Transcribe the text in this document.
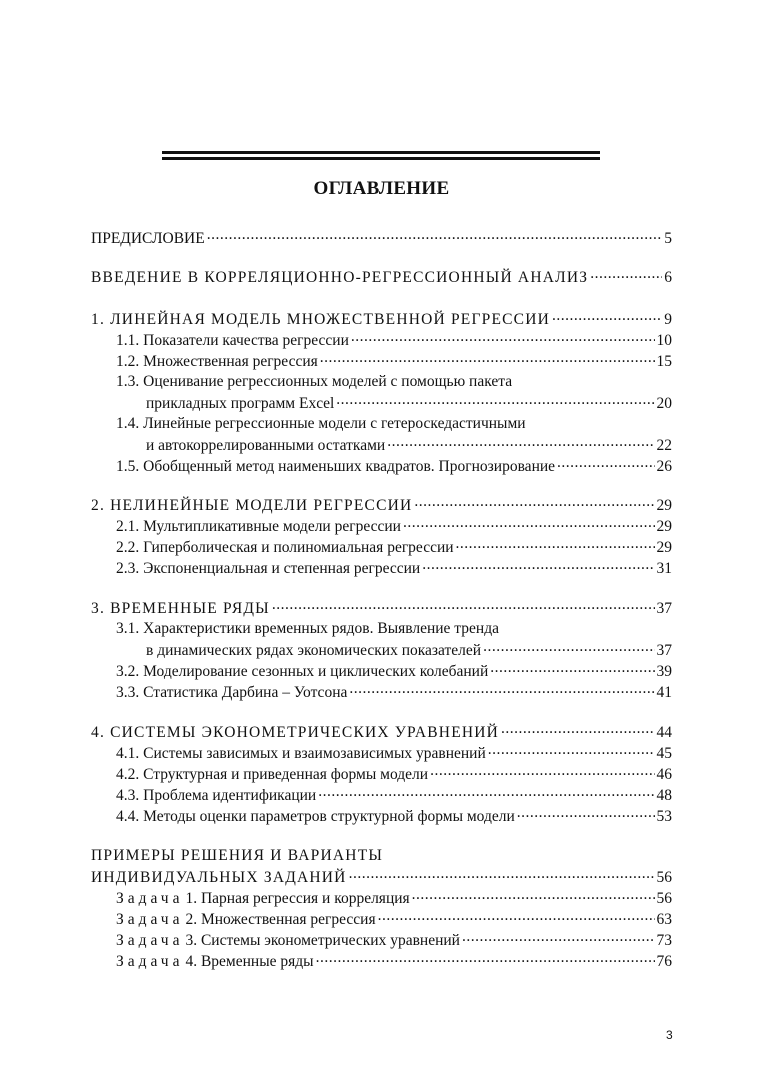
ОГЛАВЛЕНИЕ
ПРЕДИСЛОВИЕ .....	5
ВВЕДЕНИЕ В КОРРЕЛЯЦИОННО-РЕГРЕССИОННЫЙ АНАЛИЗ .....	6
1. ЛИНЕЙНАЯ МОДЕЛЬ МНОЖЕСТВЕННОЙ РЕГРЕССИИ .....	9
1.1. Показатели качества регрессии .....	10
1.2. Множественная регрессия .....	15
1.3. Оценивание регрессионных моделей с помощью пакета
прикладных программ Excel .....	20
1.4. Линейные регрессионные модели с гетероскедастичными
и автокоррелированными остатками .....	22
1.5. Обобщенный метод наименьших квадратов. Прогнозирование .....	26
2. НЕЛИНЕЙНЫЕ МОДЕЛИ РЕГРЕССИИ .....	29
2.1. Мультипликативные модели регрессии .....	29
2.2. Гиперболическая и полиномиальная регрессии .....	29
2.3. Экспоненциальная и степенная регрессии .....	31
3. ВРЕМЕННЫЕ РЯДЫ .....	37
3.1. Характеристики временных рядов. Выявление тренда
в динамических рядах экономических показателей .....	37
3.2. Моделирование сезонных и циклических колебаний .....	39
3.3. Статистика Дарбина – Уотсона .....	41
4. СИСТЕМЫ ЭКОНОМЕТРИЧЕСКИХ УРАВНЕНИЙ .....	44
4.1. Системы зависимых и взаимозависимых уравнений .....	45
4.2. Структурная и приведенная формы модели .....	46
4.3. Проблема идентификации .....	48
4.4. Методы оценки параметров структурной формы модели .....	53
ПРИМЕРЫ РЕШЕНИЯ И ВАРИАНТЫ
ИНДИВИДУАЛЬНЫХ ЗАДАНИЙ .....	56
Задача 1. Парная регрессия и корреляция .....	56
Задача 2. Множественная регрессия .....	63
Задача 3. Системы эконометрических уравнений .....	73
Задача 4. Временные ряды .....	76
3
